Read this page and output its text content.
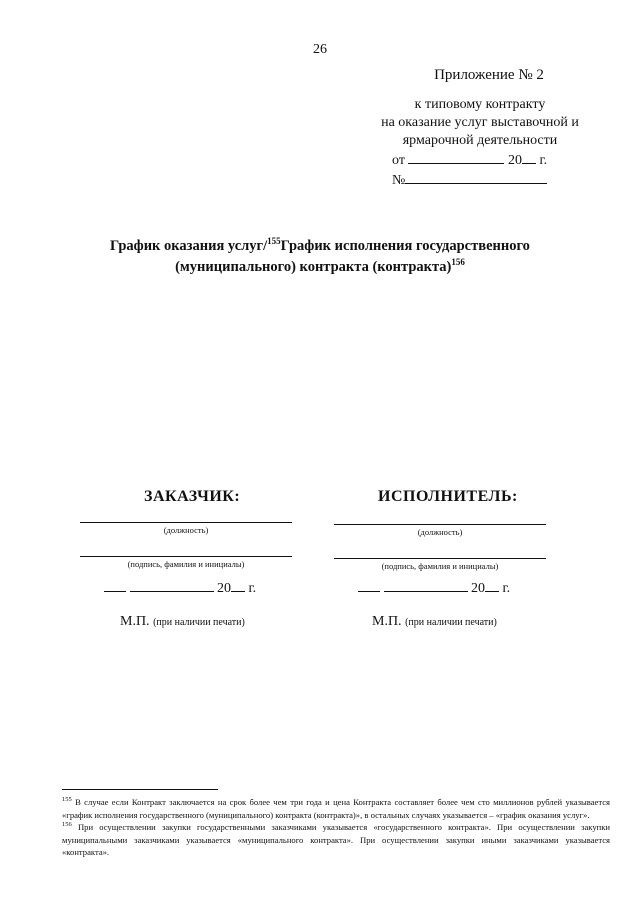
26
Приложение № 2
к типовому контракту
на оказание услуг выставочной и
ярмарочной деятельности
от	20 г.
№
График оказания услуг/$^{155}$График исполнения государственного
(муниципального) контракта (контракта)$^{156}$
ЗАКАЗЧИК:
(должность)
(подпись, фамилия и инициалы)
20 г.
М.П. (при наличии печати)
ИСПОЛНИТЕЛЬ:
(должность)
(подпись, фамилия и инициалы)
20 г.
М.П. (при наличии печати)

$^{155}$ В случае если Контракт заключается на срок более чем три года и цена Контракта составляет более чем сто миллионов рублей указывается «график исполнения государственного (муниципального) контракта (контракта)», в остальных случаях указывается – «график оказания услуг».

$^{156}$ При осуществлении закупки государственными заказчиками указывается «государственного контракта». При осуществлении закупки муниципальными заказчиками указывается «муниципального контракта». При осуществлении закупки иными заказчиками указывается «контракта».
